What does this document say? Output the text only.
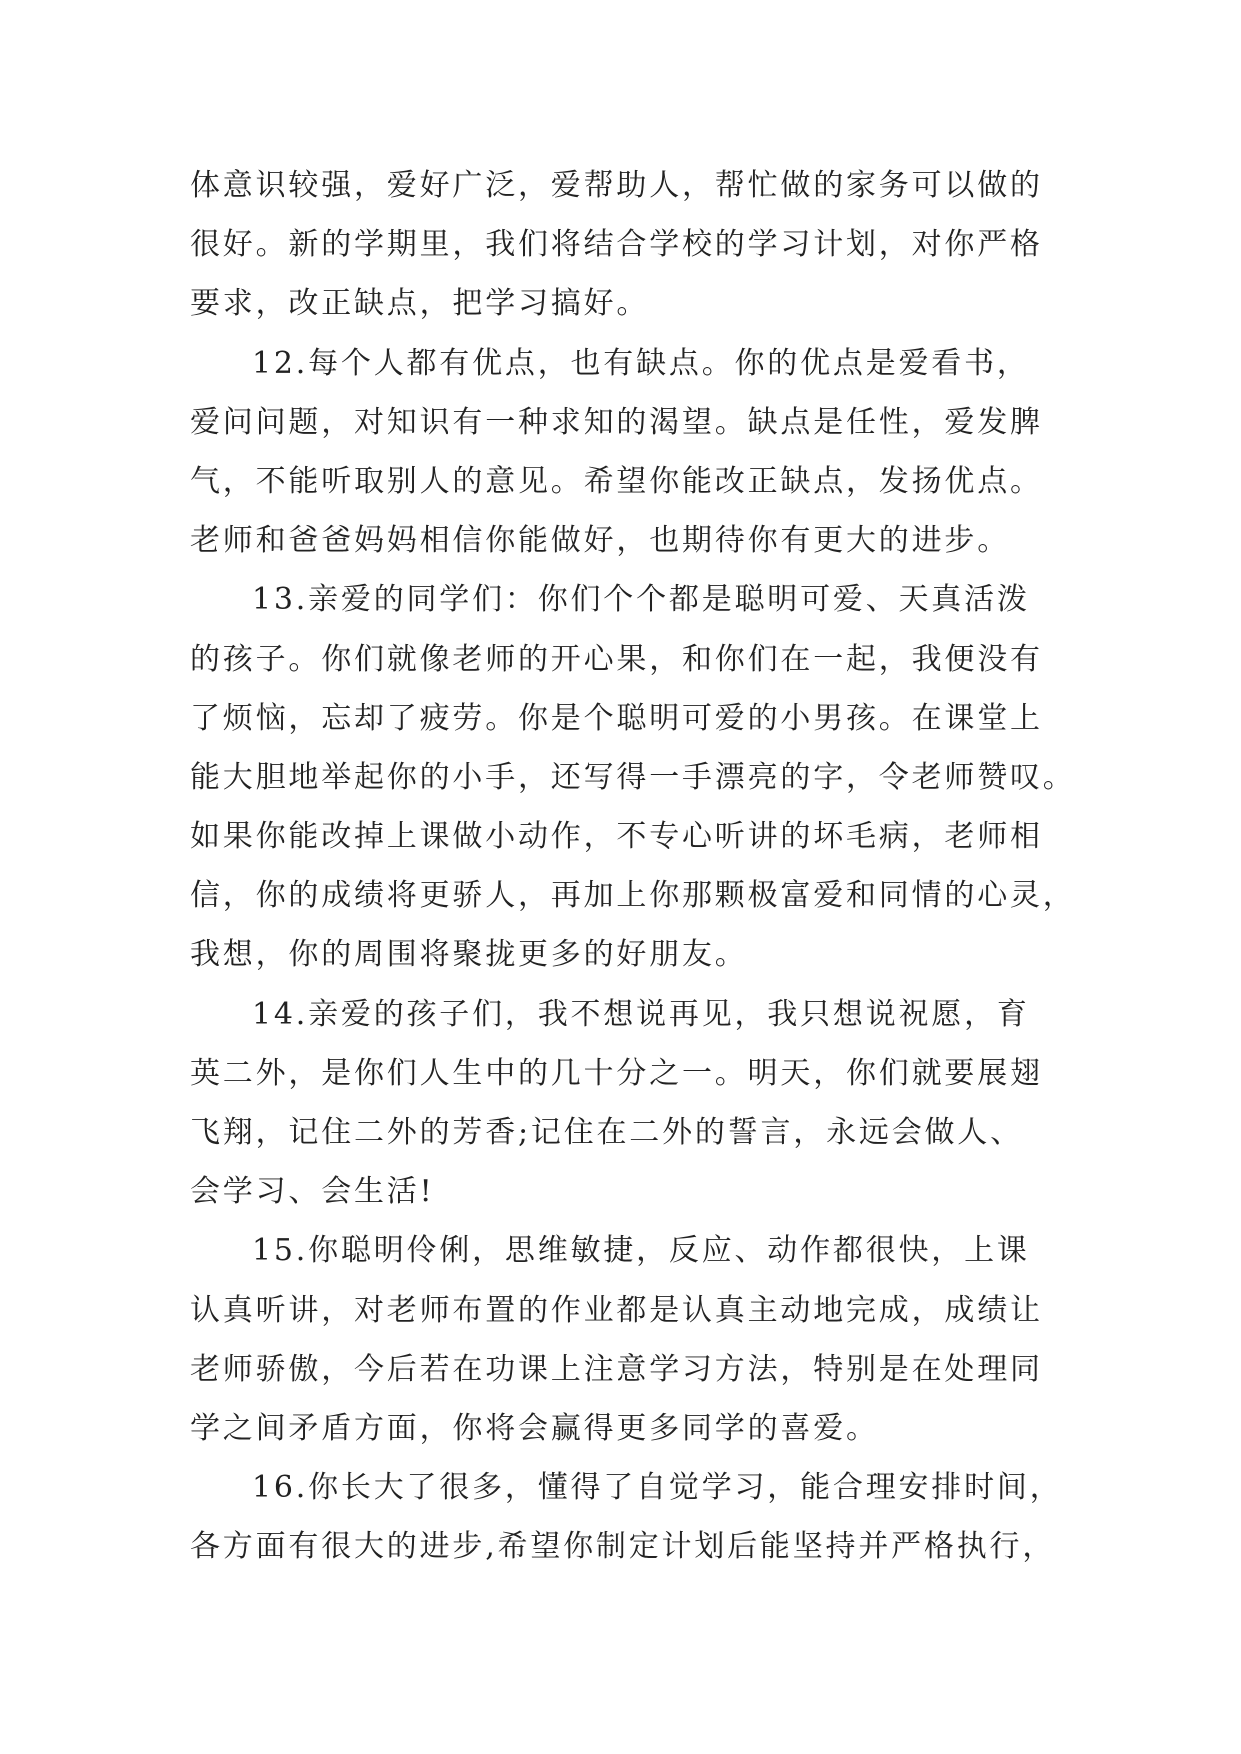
体意识较强，爱好广泛，爱帮助人，帮忙做的家务可以做的
很好。新的学期里，我们将结合学校的学习计划，对你严格
要求，改正缺点，把学习搞好。
12.每个人都有优点，也有缺点。你的优点是爱看书，
爱问问题，对知识有一种求知的渴望。缺点是任性，爱发脾
气，不能听取别人的意见。希望你能改正缺点，发扬优点。
老师和爸爸妈妈相信你能做好，也期待你有更大的进步。
13.亲爱的同学们：你们个个都是聪明可爱、天真活泼
的孩子。你们就像老师的开心果，和你们在一起，我便没有
了烦恼，忘却了疲劳。你是个聪明可爱的小男孩。在课堂上
能大胆地举起你的小手，还写得一手漂亮的字，令老师赞叹。
如果你能改掉上课做小动作，不专心听讲的坏毛病，老师相
信，你的成绩将更骄人，再加上你那颗极富爱和同情的心灵，
我想，你的周围将聚拢更多的好朋友。
14.亲爱的孩子们，我不想说再见，我只想说祝愿，育
英二外，是你们人生中的几十分之一。明天，你们就要展翅
飞翔，记住二外的芳香;记住在二外的誓言，永远会做人、
会学习、会生活!
15.你聪明伶俐，思维敏捷，反应、动作都很快，上课
认真听讲，对老师布置的作业都是认真主动地完成，成绩让
老师骄傲，今后若在功课上注意学习方法，特别是在处理同
学之间矛盾方面，你将会赢得更多同学的喜爱。
16.你长大了很多，懂得了自觉学习，能合理安排时间，
各方面有很大的进步,希望你制定计划后能坚持并严格执行，
